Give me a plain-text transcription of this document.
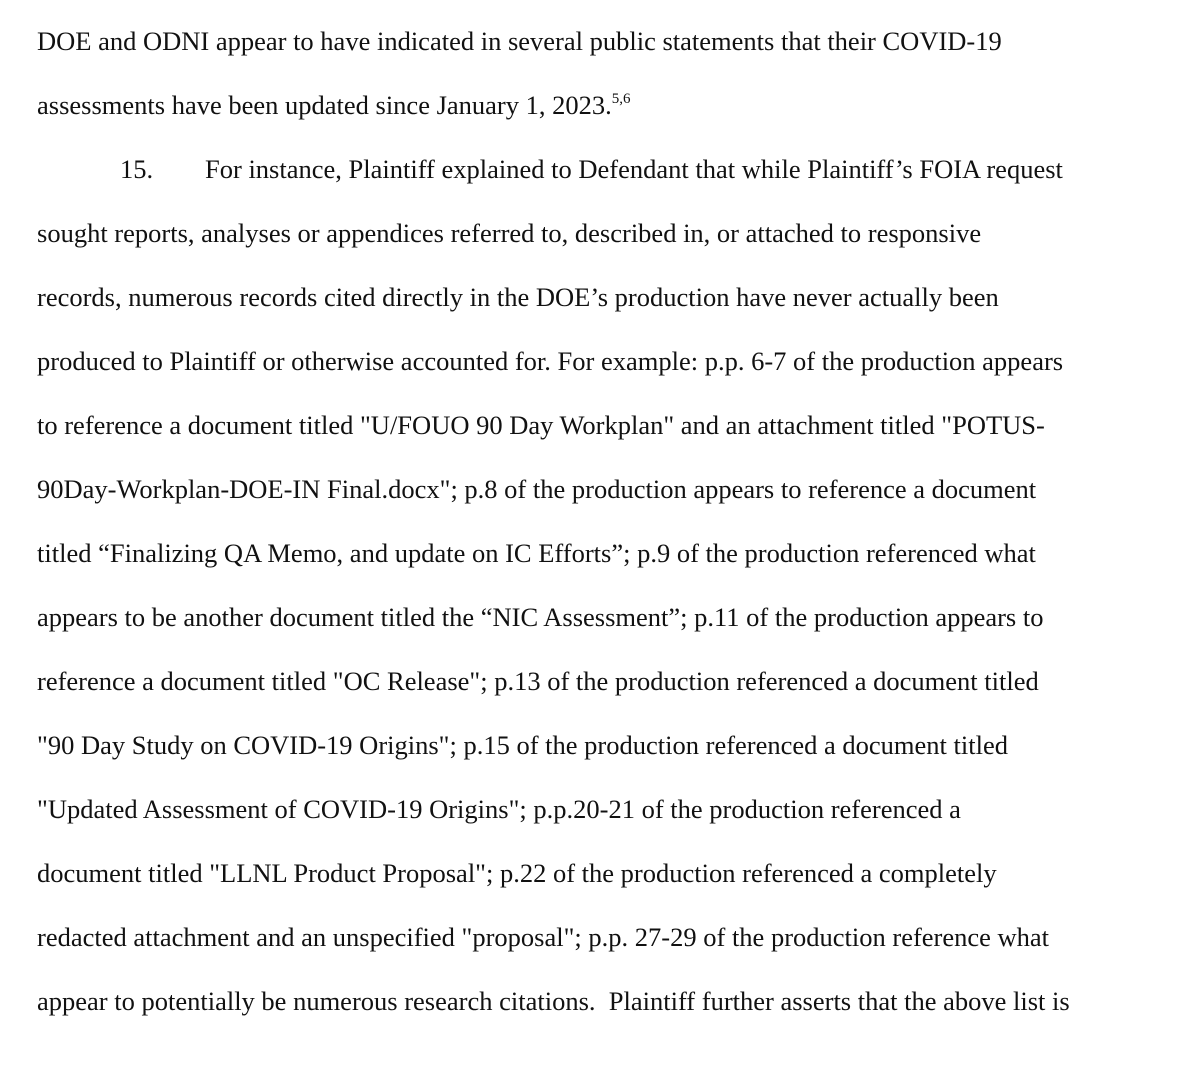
DOE and ODNI appear to have indicated in several public statements that their COVID-19
assessments have been updated since January 1, 2023.$^{5,6}$
15. For instance, Plaintiff explained to Defendant that while Plaintiff’s FOIA request
sought reports, analyses or appendices referred to, described in, or attached to responsive
records, numerous records cited directly in the DOE’s production have never actually been
produced to Plaintiff or otherwise accounted for. For example: p.p. 6-7 of the production appears
to reference a document titled "U/FOUO 90 Day Workplan" and an attachment titled "POTUS-
90Day-Workplan-DOE-IN Final.docx"; p.8 of the production appears to reference a document
titled “Finalizing QA Memo, and update on IC Efforts”; p.9 of the production referenced what
appears to be another document titled the “NIC Assessment”; p.11 of the production appears to
reference a document titled "OC Release"; p.13 of the production referenced a document titled
"90 Day Study on COVID-19 Origins"; p.15 of the production referenced a document titled
"Updated Assessment of COVID-19 Origins"; p.p.20-21 of the production referenced a
document titled "LLNL Product Proposal"; p.22 of the production referenced a completely
redacted attachment and an unspecified "proposal"; p.p. 27-29 of the production reference what
appear to potentially be numerous research citations.  Plaintiff further asserts that the above list is
